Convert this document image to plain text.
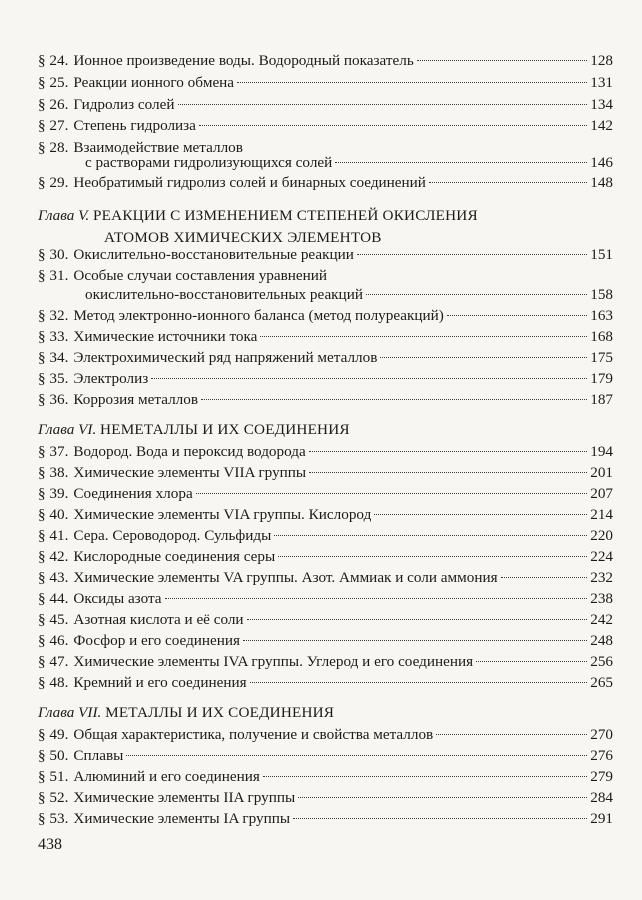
§ 24. Ионное произведение воды. Водородный показатель	128
§ 25. Реакции ионного обмена	131
§ 26. Гидролиз солей	134
§ 27. Степень гидролиза	142
§ 28. Взаимодействие металлов
с растворами гидролизующихся солей	146
§ 29. Необратимый гидролиз солей и бинарных соединений	148
Глава V. РЕАКЦИИ С ИЗМЕНЕНИЕМ СТЕПЕНЕЙ ОКИСЛЕНИЯ
АТОМОВ ХИМИЧЕСКИХ ЭЛЕМЕНТОВ
§ 30. Окислительно-восстановительные реакции	151
§ 31. Особые случаи составления уравнений
окислительно-восстановительных реакций	158
§ 32. Метод электронно-ионного баланса (метод полуреакций)	163
§ 33. Химические источники тока	168
§ 34. Электрохимический ряд напряжений металлов	175
§ 35. Электролиз	179
§ 36. Коррозия металлов	187
Глава VI. НЕМЕТАЛЛЫ И ИХ СОЕДИНЕНИЯ
§ 37. Водород. Вода и пероксид водорода	194
§ 38. Химические элементы VIIA группы	201
§ 39. Соединения хлора	207
§ 40. Химические элементы VIA группы. Кислород	214
§ 41. Сера. Сероводород. Сульфиды	220
§ 42. Кислородные соединения серы	224
§ 43. Химические элементы VA группы. Азот. Аммиак и соли аммония	232
§ 44. Оксиды азота	238
§ 45. Азотная кислота и её соли	242
§ 46. Фосфор и его соединения	248
§ 47. Химические элементы IVA группы. Углерод и его соединения	256
§ 48. Кремний и его соединения	265
Глава VII. МЕТАЛЛЫ И ИХ СОЕДИНЕНИЯ
§ 49. Общая характеристика, получение и свойства металлов	270
§ 50. Сплавы	276
§ 51. Алюминий и его соединения	279
§ 52. Химические элементы IIA группы	284
§ 53. Химические элементы IA группы	291
438
